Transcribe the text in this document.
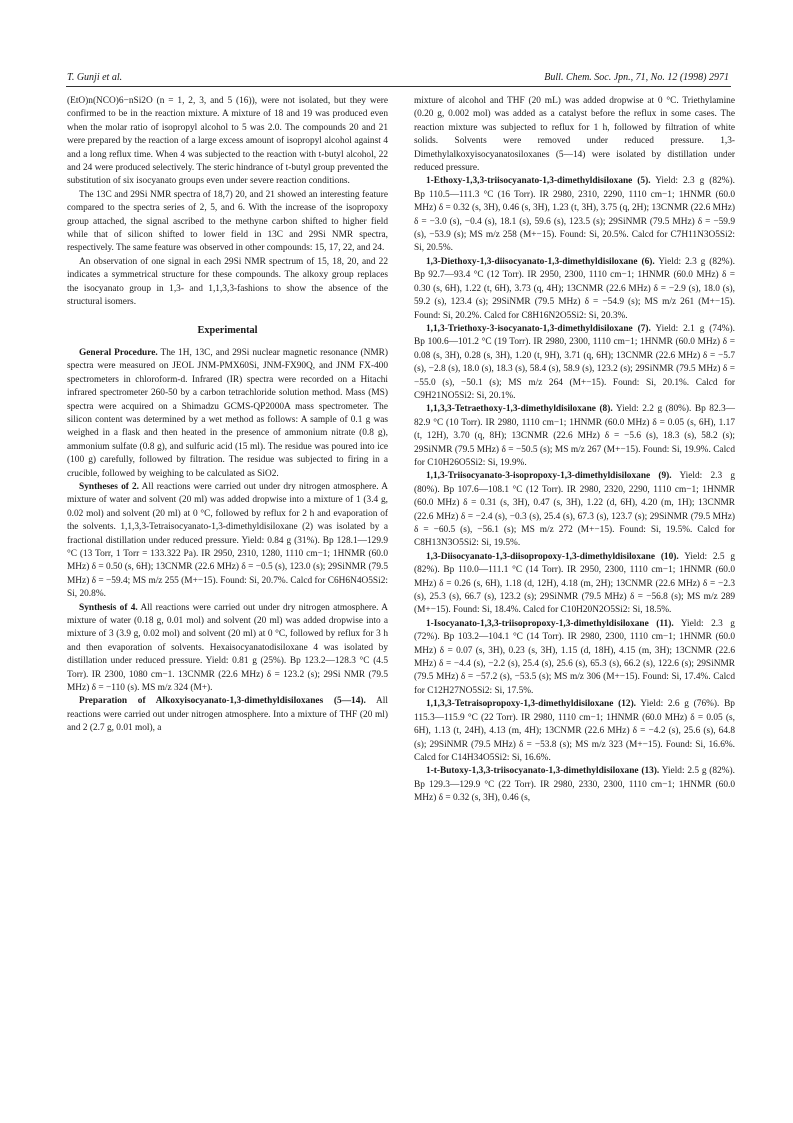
T. Gunji et al.	Bull. Chem. Soc. Jpn., 71, No. 12 (1998) 2971

(EtO)n(NCO)6−nSi2O (n = 1, 2, 3, and 5 (16)), were not isolated, but they were confirmed to be in the reaction mixture. A mixture of 18 and 19 was produced even when the molar ratio of isopropyl alcohol to 5 was 2.0. The compounds 20 and 21 were prepared by the reaction of a large excess amount of isopropyl alcohol against 4 and a long reflux time. When 4 was subjected to the reaction with t-butyl alcohol, 22 and 24 were produced selectively. The steric hindrance of t-butyl group prevented the substitution of six isocyanato groups even under severe reaction conditions.

The 13C and 29Si NMR spectra of 18,7) 20, and 21 showed an interesting feature compared to the spectra series of 2, 5, and 6. With the increase of the isopropoxy group attached, the signal ascribed to the methyne carbon shifted to higher field while that of silicon shifted to lower field in 13C and 29Si NMR spectra, respectively. The same feature was observed in other compounds: 15, 17, 22, and 24.

An observation of one signal in each 29Si NMR spectrum of 15, 18, 20, and 22 indicates a symmetrical structure for these compounds. The alkoxy group replaces the isocyanato group in 1,3- and 1,1,3,3-fashions to show the absence of the structural isomers.

Experimental

General Procedure. The 1H, 13C, and 29Si nuclear magnetic resonance (NMR) spectra were measured on JEOL JNM-PMX60Si, JNM-FX90Q, and JNM FX-400 spectrometers in chloroform-d. Infrared (IR) spectra were recorded on a Hitachi infrared spectrometer 260-50 by a carbon tetrachloride solution method. Mass (MS) spectra were acquired on a Shimadzu GCMS-QP2000A mass spectrometer. The silicon content was determined by a wet method as follows: A sample of 0.1 g was weighed in a flask and then heated in the presence of ammonium nitrate (0.8 g), ammonium sulfate (0.8 g), and sulfuric acid (15 ml). The residue was poured into ice (100 g) carefully, followed by filtration. The residue was subjected to firing in a crucible, followed by weighing to be calculated as SiO2.

Syntheses of 2. All reactions were carried out under dry nitrogen atmosphere. A mixture of water and solvent (20 ml) was added dropwise into a mixture of 1 (3.4 g, 0.02 mol) and solvent (20 ml) at 0 °C, followed by reflux for 2 h and evaporation of the solvents. 1,1,3,3-Tetraisocyanato-1,3-dimethyldisiloxane (2) was isolated by a fractional distillation under reduced pressure. Yield: 0.84 g (31%). Bp 128.1—129.9 °C (13 Torr, 1 Torr = 133.322 Pa). IR 2950, 2310, 1280, 1110 cm−1; 1HNMR (60.0 MHz) δ = 0.50 (s, 6H); 13CNMR (22.6 MHz) δ = −0.5 (s), 123.0 (s); 29SiNMR (79.5 MHz) δ = −59.4; MS m/z 255 (M+−15). Found: Si, 20.7%. Calcd for C6H6N4O5Si2: Si, 20.8%.

Synthesis of 4. All reactions were carried out under dry nitrogen atmosphere. A mixture of water (0.18 g, 0.01 mol) and solvent (20 ml) was added dropwise into a mixture of 3 (3.9 g, 0.02 mol) and solvent (20 ml) at 0 °C, followed by reflux for 3 h and then evaporation of solvents. Hexaisocyanatodisiloxane 4 was isolated by distillation under reduced pressure. Yield: 0.81 g (25%). Bp 123.2—128.3 °C (4.5 Torr). IR 2300, 1080 cm−1. 13CNMR (22.6 MHz) δ = 123.2 (s); 29Si NMR (79.5 MHz) δ = −110 (s). MS m/z 324 (M+).

Preparation of Alkoxyisocyanato-1,3-dimethyldisiloxanes (5—14). All reactions were carried out under nitrogen atmosphere. Into a mixture of THF (20 ml) and 2 (2.7 g, 0.01 mol), a

mixture of alcohol and THF (20 mL) was added dropwise at 0 °C. Triethylamine (0.20 g, 0.002 mol) was added as a catalyst before the reflux in some cases. The reaction mixture was subjected to reflux for 1 h, followed by filtration of white solids. Solvents were removed under reduced pressure. 1,3-Dimethylalkoxyisocyanatosiloxanes (5—14) were isolated by distillation under reduced pressure.

1-Ethoxy-1,3,3-triisocyanato-1,3-dimethyldisiloxane (5). Yield: 2.3 g (82%). Bp 110.5—111.3 °C (16 Torr). IR 2980, 2310, 2290, 1110 cm−1; 1HNMR (60.0 MHz) δ = 0.32 (s, 3H), 0.46 (s, 3H), 1.23 (t, 3H), 3.75 (q, 2H); 13CNMR (22.6 MHz) δ = −3.0 (s), −0.4 (s), 18.1 (s), 59.6 (s), 123.5 (s); 29SiNMR (79.5 MHz) δ = −59.9 (s), −53.9 (s); MS m/z 258 (M+−15). Found: Si, 20.5%. Calcd for C7H11N3O5Si2: Si, 20.5%.

1,3-Diethoxy-1,3-diisocyanato-1,3-dimethyldisiloxane (6). Yield: 2.3 g (82%). Bp 92.7—93.4 °C (12 Torr). IR 2950, 2300, 1110 cm−1; 1HNMR (60.0 MHz) δ = 0.30 (s, 6H), 1.22 (t, 6H), 3.73 (q, 4H); 13CNMR (22.6 MHz) δ = −2.9 (s), 18.0 (s), 59.2 (s), 123.4 (s); 29SiNMR (79.5 MHz) δ = −54.9 (s); MS m/z 261 (M+−15). Found: Si, 20.2%. Calcd for C8H16N2O5Si2: Si, 20.3%.

1,1,3-Triethoxy-3-isocyanato-1,3-dimethyldisiloxane (7). Yield: 2.1 g (74%). Bp 100.6—101.2 °C (19 Torr). IR 2980, 2300, 1110 cm−1; 1HNMR (60.0 MHz) δ = 0.08 (s, 3H), 0.28 (s, 3H), 1.20 (t, 9H), 3.71 (q, 6H); 13CNMR (22.6 MHz) δ = −5.7 (s), −2.8 (s), 18.0 (s), 18.3 (s), 58.4 (s), 58.9 (s), 123.2 (s); 29SiNMR (79.5 MHz) δ = −55.0 (s), −50.1 (s); MS m/z 264 (M+−15). Found: Si, 20.1%. Calcd for C9H21NO5Si2: Si, 20.1%.

1,1,3,3-Tetraethoxy-1,3-dimethyldisiloxane (8). Yield: 2.2 g (80%). Bp 82.3—82.9 °C (10 Torr). IR 2980, 1110 cm−1; 1HNMR (60.0 MHz) δ = 0.05 (s, 6H), 1.17 (t, 12H), 3.70 (q, 8H); 13CNMR (22.6 MHz) δ = −5.6 (s), 18.3 (s), 58.2 (s); 29SiNMR (79.5 MHz) δ = −50.5 (s); MS m/z 267 (M+−15). Found: Si, 19.9%. Calcd for C10H26O5Si2: Si, 19.9%.

1,1,3-Triisocyanato-3-isopropoxy-1,3-dimethyldisiloxane (9). Yield: 2.3 g (80%). Bp 107.6—108.1 °C (12 Torr). IR 2980, 2320, 2290, 1110 cm−1; 1HNMR (60.0 MHz) δ = 0.31 (s, 3H), 0.47 (s, 3H), 1.22 (d, 6H), 4.20 (m, 1H); 13CNMR (22.6 MHz) δ = −2.4 (s), −0.3 (s), 25.4 (s), 67.3 (s), 123.7 (s); 29SiNMR (79.5 MHz) δ = −60.5 (s), −56.1 (s); MS m/z 272 (M+−15). Found: Si, 19.5%. Calcd for C8H13N3O5Si2: Si, 19.5%.

1,3-Diisocyanato-1,3-diisopropoxy-1,3-dimethyldisiloxane (10). Yield: 2.5 g (82%). Bp 110.0—111.1 °C (14 Torr). IR 2950, 2300, 1110 cm−1; 1HNMR (60.0 MHz) δ = 0.26 (s, 6H), 1.18 (d, 12H), 4.18 (m, 2H); 13CNMR (22.6 MHz) δ = −2.3 (s), 25.3 (s), 66.7 (s), 123.2 (s); 29SiNMR (79.5 MHz) δ = −56.8 (s); MS m/z 289 (M+−15). Found: Si, 18.4%. Calcd for C10H20N2O5Si2: Si, 18.5%.

1-Isocyanato-1,3,3-triisopropoxy-1,3-dimethyldisiloxane (11). Yield: 2.3 g (72%). Bp 103.2—104.1 °C (14 Torr). IR 2980, 2300, 1110 cm−1; 1HNMR (60.0 MHz) δ = 0.07 (s, 3H), 0.23 (s, 3H), 1.15 (d, 18H), 4.15 (m, 3H); 13CNMR (22.6 MHz) δ = −4.4 (s), −2.2 (s), 25.4 (s), 25.6 (s), 65.3 (s), 66.2 (s), 122.6 (s); 29SiNMR (79.5 MHz) δ = −57.2 (s), −53.5 (s); MS m/z 306 (M+−15). Found: Si, 17.4%. Calcd for C12H27NO5Si2: Si, 17.5%.

1,1,3,3-Tetraisopropoxy-1,3-dimethyldisiloxane (12). Yield: 2.6 g (76%). Bp 115.3—115.9 °C (22 Torr). IR 2980, 1110 cm−1; 1HNMR (60.0 MHz) δ = 0.05 (s, 6H), 1.13 (t, 24H), 4.13 (m, 4H); 13CNMR (22.6 MHz) δ = −4.2 (s), 25.6 (s), 64.8 (s); 29SiNMR (79.5 MHz) δ = −53.8 (s); MS m/z 323 (M+−15). Found: Si, 16.6%. Calcd for C14H34O5Si2: Si, 16.6%.

1-t-Butoxy-1,3,3-triisocyanato-1,3-dimethyldisiloxane (13). Yield: 2.5 g (82%). Bp 129.3—129.9 °C (22 Torr). IR 2980, 2330, 2300, 1110 cm−1; 1HNMR (60.0 MHz) δ = 0.32 (s, 3H), 0.46 (s,
